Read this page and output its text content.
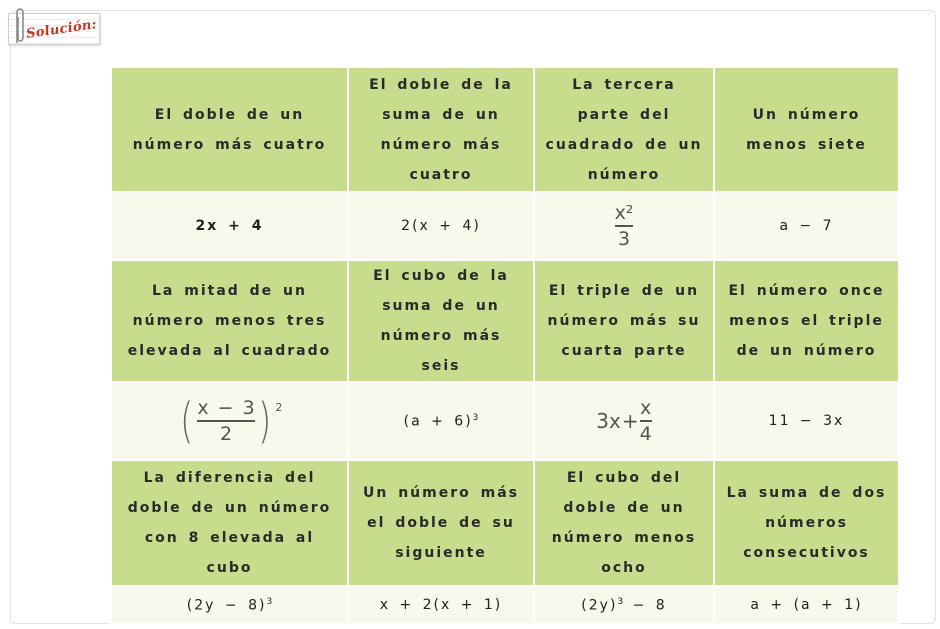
Solución:
El doble de un número más cuatro	El doble de la suma de un número más cuatro	La tercera parte del cuadrado de un número	Un número menos siete
2x + 4	2(x + 4)	$\frac{\text{x²}}{3}$	a − 7
La mitad de un número menos tres elevada al cuadrado	El cubo de la suma de un número más seis	El triple de un número más su cuarta parte	El número once menos el triple de un número

( $\frac{x - 3}{2}$ ) 2	$(a + 6)^3$	$3x + \frac{x}{4}$	11 − 3x
La diferencia del doble de un número con 8 elevada al cubo	Un número más el doble de su siguiente	El cubo del doble de un número menos ocho	La suma de dos números consecutivos
$(2y - 8)^3$	x + 2(x + 1)	$(2y)^3 - 8$	a + (a + 1)
